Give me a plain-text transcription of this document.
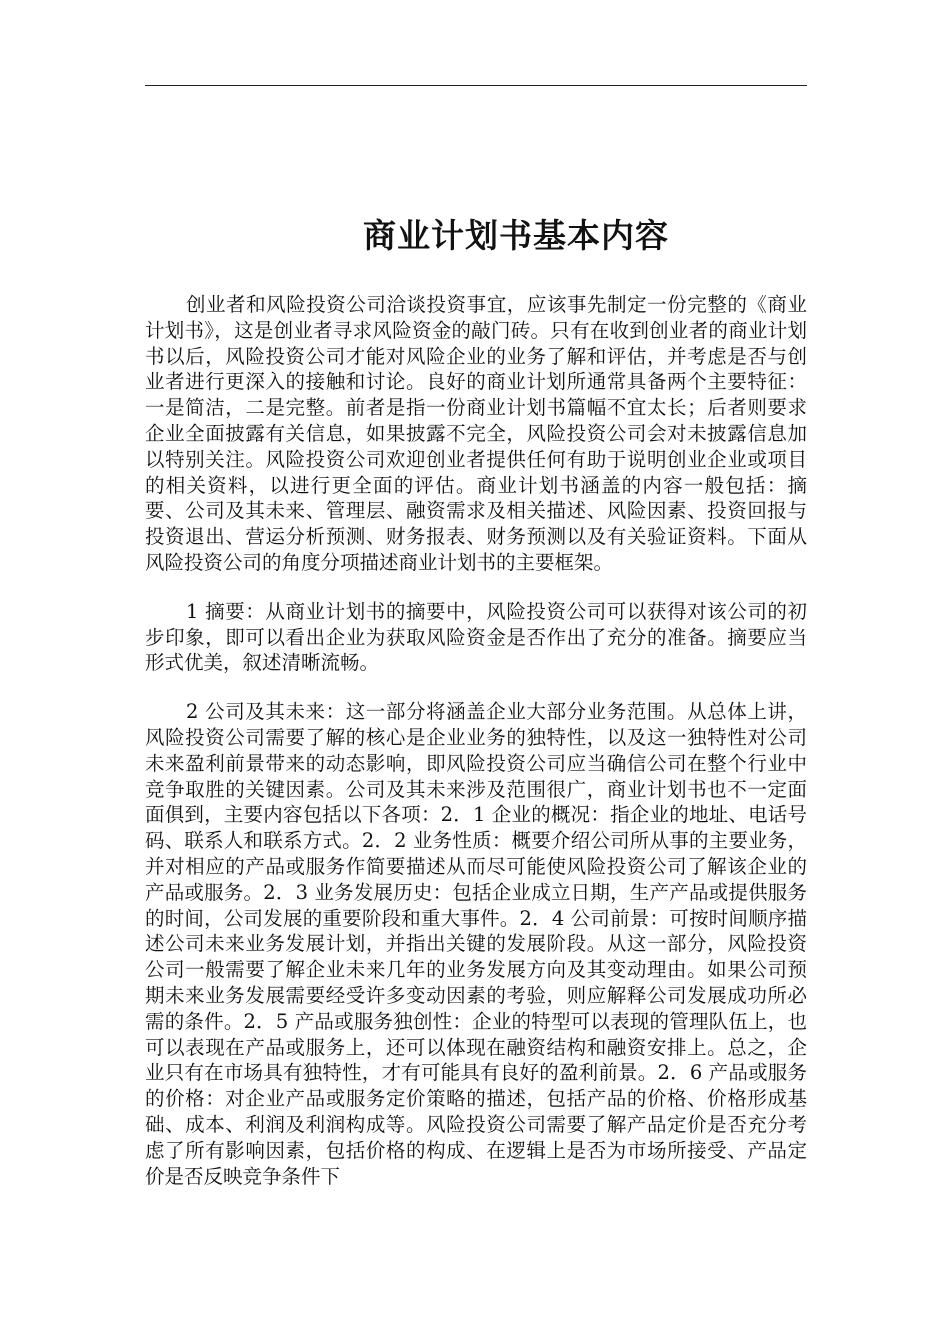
商业计划书基本内容

创业者和风险投资公司洽谈投资事宜，应该事先制定一份完整的《商业计划书》，这是创业者寻求风险资金的敲门砖。只有在收到创业者的商业计划书以后，风险投资公司才能对风险企业的业务了解和评估，并考虑是否与创业者进行更深入的接触和讨论。良好的商业计划所通常具备两个主要特征：一是简洁，二是完整。前者是指一份商业计划书篇幅不宜太长；后者则要求企业全面披露有关信息，如果披露不完全，风险投资公司会对未披露信息加以特别关注。风险投资公司欢迎创业者提供任何有助于说明创业企业或项目的相关资料，以进行更全面的评估。商业计划书涵盖的内容一般包括：摘要、公司及其未来、管理层、融资需求及相关描述、风险因素、投资回报与投资退出、营运分析预测、财务报表、财务预测以及有关验证资料。下面从风险投资公司的角度分项描述商业计划书的主要框架。

1 摘要：从商业计划书的摘要中，风险投资公司可以获得对该公司的初步印象，即可以看出企业为获取风险资金是否作出了充分的准备。摘要应当形式优美，叙述清晰流畅。

2 公司及其未来：这一部分将涵盖企业大部分业务范围。从总体上讲，风险投资公司需要了解的核心是企业业务的独特性，以及这一独特性对公司未来盈利前景带来的动态影响，即风险投资公司应当确信公司在整个行业中竞争取胜的关键因素。公司及其未来涉及范围很广，商业计划书也不一定面面俱到，主要内容包括以下各项：2．1 企业的概况：指企业的地址、电话号码、联系人和联系方式。2．2 业务性质：概要介绍公司所从事的主要业务，并对相应的产品或服务作简要描述从而尽可能使风险投资公司了解该企业的产品或服务。2．3 业务发展历史：包括企业成立日期，生产产品或提供服务的时间，公司发展的重要阶段和重大事件。2．4 公司前景：可按时间顺序描述公司未来业务发展计划，并指出关键的发展阶段。从这一部分，风险投资公司一般需要了解企业未来几年的业务发展方向及其变动理由。如果公司预期未来业务发展需要经受许多变动因素的考验，则应解释公司发展成功所必需的条件。2．5 产品或服务独创性：企业的特型可以表现的管理队伍上，也可以表现在产品或服务上，还可以体现在融资结构和融资安排上。总之，企业只有在市场具有独特性，才有可能具有良好的盈利前景。2．6 产品或服务的价格：对企业产品或服务定价策略的描述，包括产品的价格、价格形成基础、成本、利润及利润构成等。风险投资公司需要了解产品定价是否充分考虑了所有影响因素，包括价格的构成、在逻辑上是否为市场所接受、产品定价是否反映竞争条件下
